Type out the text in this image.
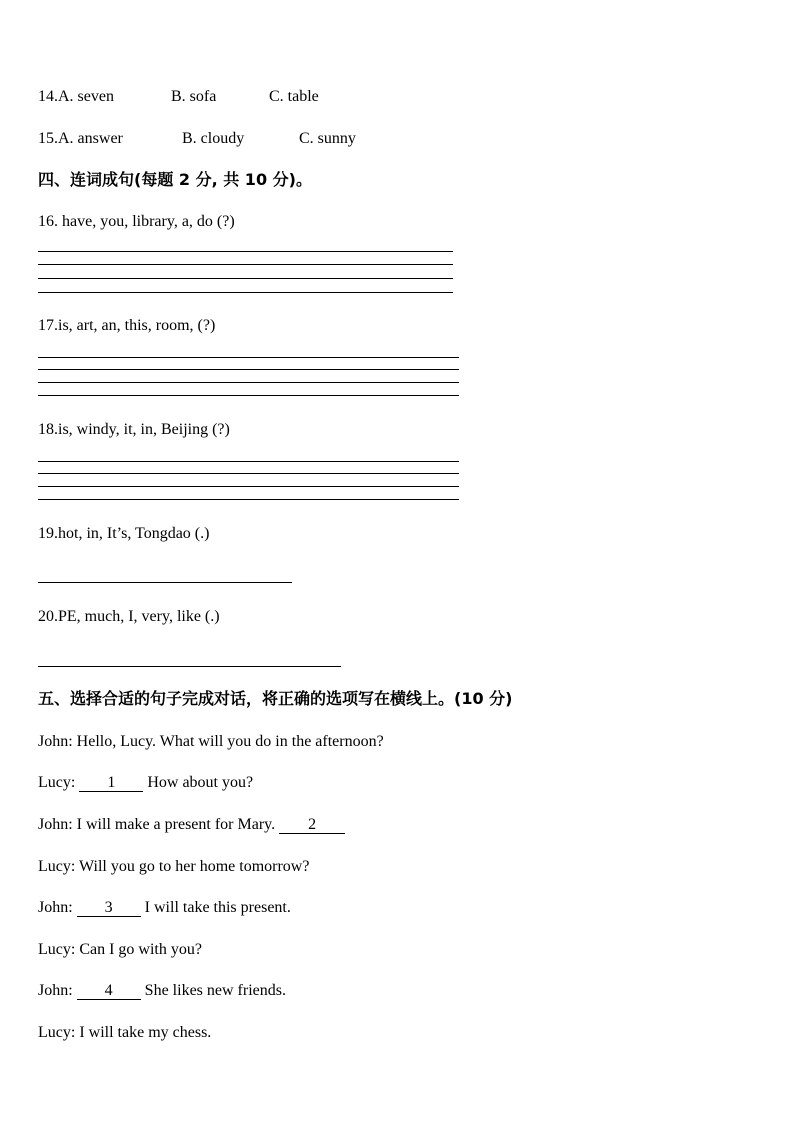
14.A. seven	B. sofa	C. table
15.A. answer	B. cloudy	C. sunny
四、连词成句(每题 2 分, 共 10 分)。
16. have, you, library, a, do (?)
17.is, art, an, this, room, (?)
18.is, windy, it, in, Beijing (?)
19.hot, in, It’s, Tongdao (.)
20.PE, much, I, very, like (.)
五、选择合适的句子完成对话，将正确的选项写在横线上。(10 分)
John: Hello, Lucy. What will you do in the afternoon?
Lucy: 1 How about you?
John: I will make a present for Mary. 2
Lucy: Will you go to her home tomorrow?
John: 3 I will take this present.
Lucy: Can I go with you?
John: 4 She likes new friends.
Lucy: I will take my chess.
